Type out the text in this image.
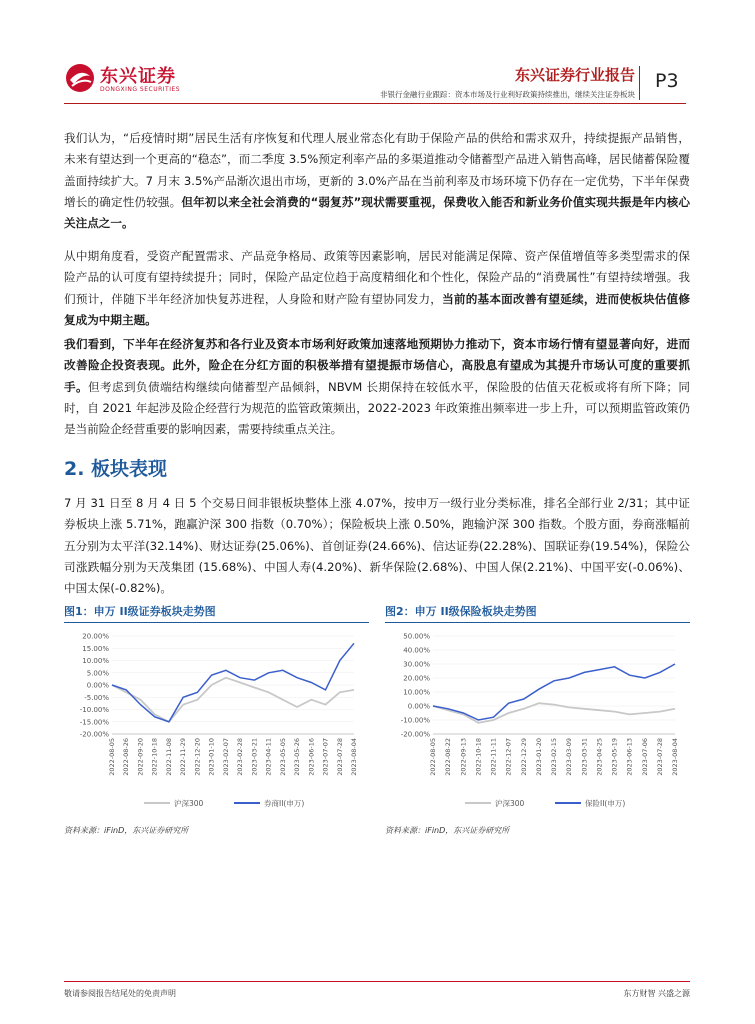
东兴证券
DONGXING SECURITIES
东兴证券行业报告
非银行金融行业跟踪：资本市场及行业利好政策持续推出，继续关注证券板块
P3
我们认为，“后疫情时期”居民生活有序恢复和代理人展业常态化有助于保险产品的供给和需求双升，持续提振产品销售，未来有望达到一个更高的“稳态”，而二季度 3.5%预定利率产品的多渠道推动令储蓄型产品进入销售高峰，居民储蓄保险覆盖面持续扩大。7 月末 3.5%产品渐次退出市场，更新的 3.0%产品在当前利率及市场环境下仍存在一定优势，下半年保费增长的确定性仍较强。但年初以来全社会消费的“弱复苏”现状需要重视，保费收入能否和新业务价值实现共振是年内核心关注点之一。
从中期角度看，受资产配置需求、产品竞争格局、政策等因素影响，居民对能满足保障、资产保值增值等多类型需求的保险产品的认可度有望持续提升；同时，保险产品定位趋于高度精细化和个性化，保险产品的“消费属性”有望持续增强。我们预计，伴随下半年经济加快复苏进程，人身险和财产险有望协同发力，当前的基本面改善有望延续，进而使板块估值修复成为中期主题。
我们看到，下半年在经济复苏和各行业及资本市场利好政策加速落地预期协力推动下，资本市场行情有望显著向好，进而改善险企投资表现。此外，险企在分红方面的积极举措有望提振市场信心，高股息有望成为其提升市场认可度的重要抓手。但考虑到负债端结构继续向储蓄型产品倾斜，NBVM 长期保持在较低水平，保险股的估值天花板或将有所下降；同时，自 2021 年起涉及险企经营行为规范的监管政策频出，2022-2023 年政策推出频率进一步上升，可以预期监管政策仍是当前险企经营重要的影响因素，需要持续重点关注。
2. 板块表现
7 月 31 日至 8 月 4 日 5 个交易日间非银板块整体上涨 4.07%，按申万一级行业分类标准，排名全部行业 2/31；其中证券板块上涨 5.71%，跑赢沪深 300 指数（0.70%）；保险板块上涨 0.50%，跑输沪深 300 指数。个股方面，券商涨幅前五分别为太平洋(32.14%)、财达证券(25.06%)、首创证券(24.66%)、信达证券(22.28%)、国联证券(19.54%)，保险公司涨跌幅分别为天茂集团 (15.68%)、中国人寿(4.20%)、新华保险(2.68%)、中国人保(2.21%)、中国平安(-0.06%)、中国太保(-0.82%)。
图1：申万 II级证券板块走势图
20.00%
15.00%
10.00%
5.00%
0.00%
-5.00%
-10.00%
-15.00%
-20.00%
2022-08-05 2022-08-26 2022-09-20 2022-10-18 2022-11-08 2022-11-29 2022-12-20 2023-01-10 2023-02-07 2023-02-28 2023-03-21 2023-04-11 2023-05-05 2023-05-26 2023-06-16 2023-07-07 2023-07-28 2023-08-04
沪深300	券商II(申万)
资料来源：iFinD，东兴证券研究所
图2：申万 II级保险板块走势图
50.00%
40.00%
30.00%
20.00%
10.00%
0.00%
-10.00%
-20.00%
2022-08-05 2022-08-22 2022-09-13 2022-10-18 2022-11-11 2022-12-07 2022-12-29 2023-01-20 2023-02-15 2023-03-09 2023-03-31 2023-04-25 2023-05-19 2023-06-13 2023-07-06 2023-07-28 2023-08-04
沪深300	保险II(申万)
资料来源：iFinD，东兴证券研究所
敬请参阅报告结尾处的免责声明	东方财智 兴盛之源
